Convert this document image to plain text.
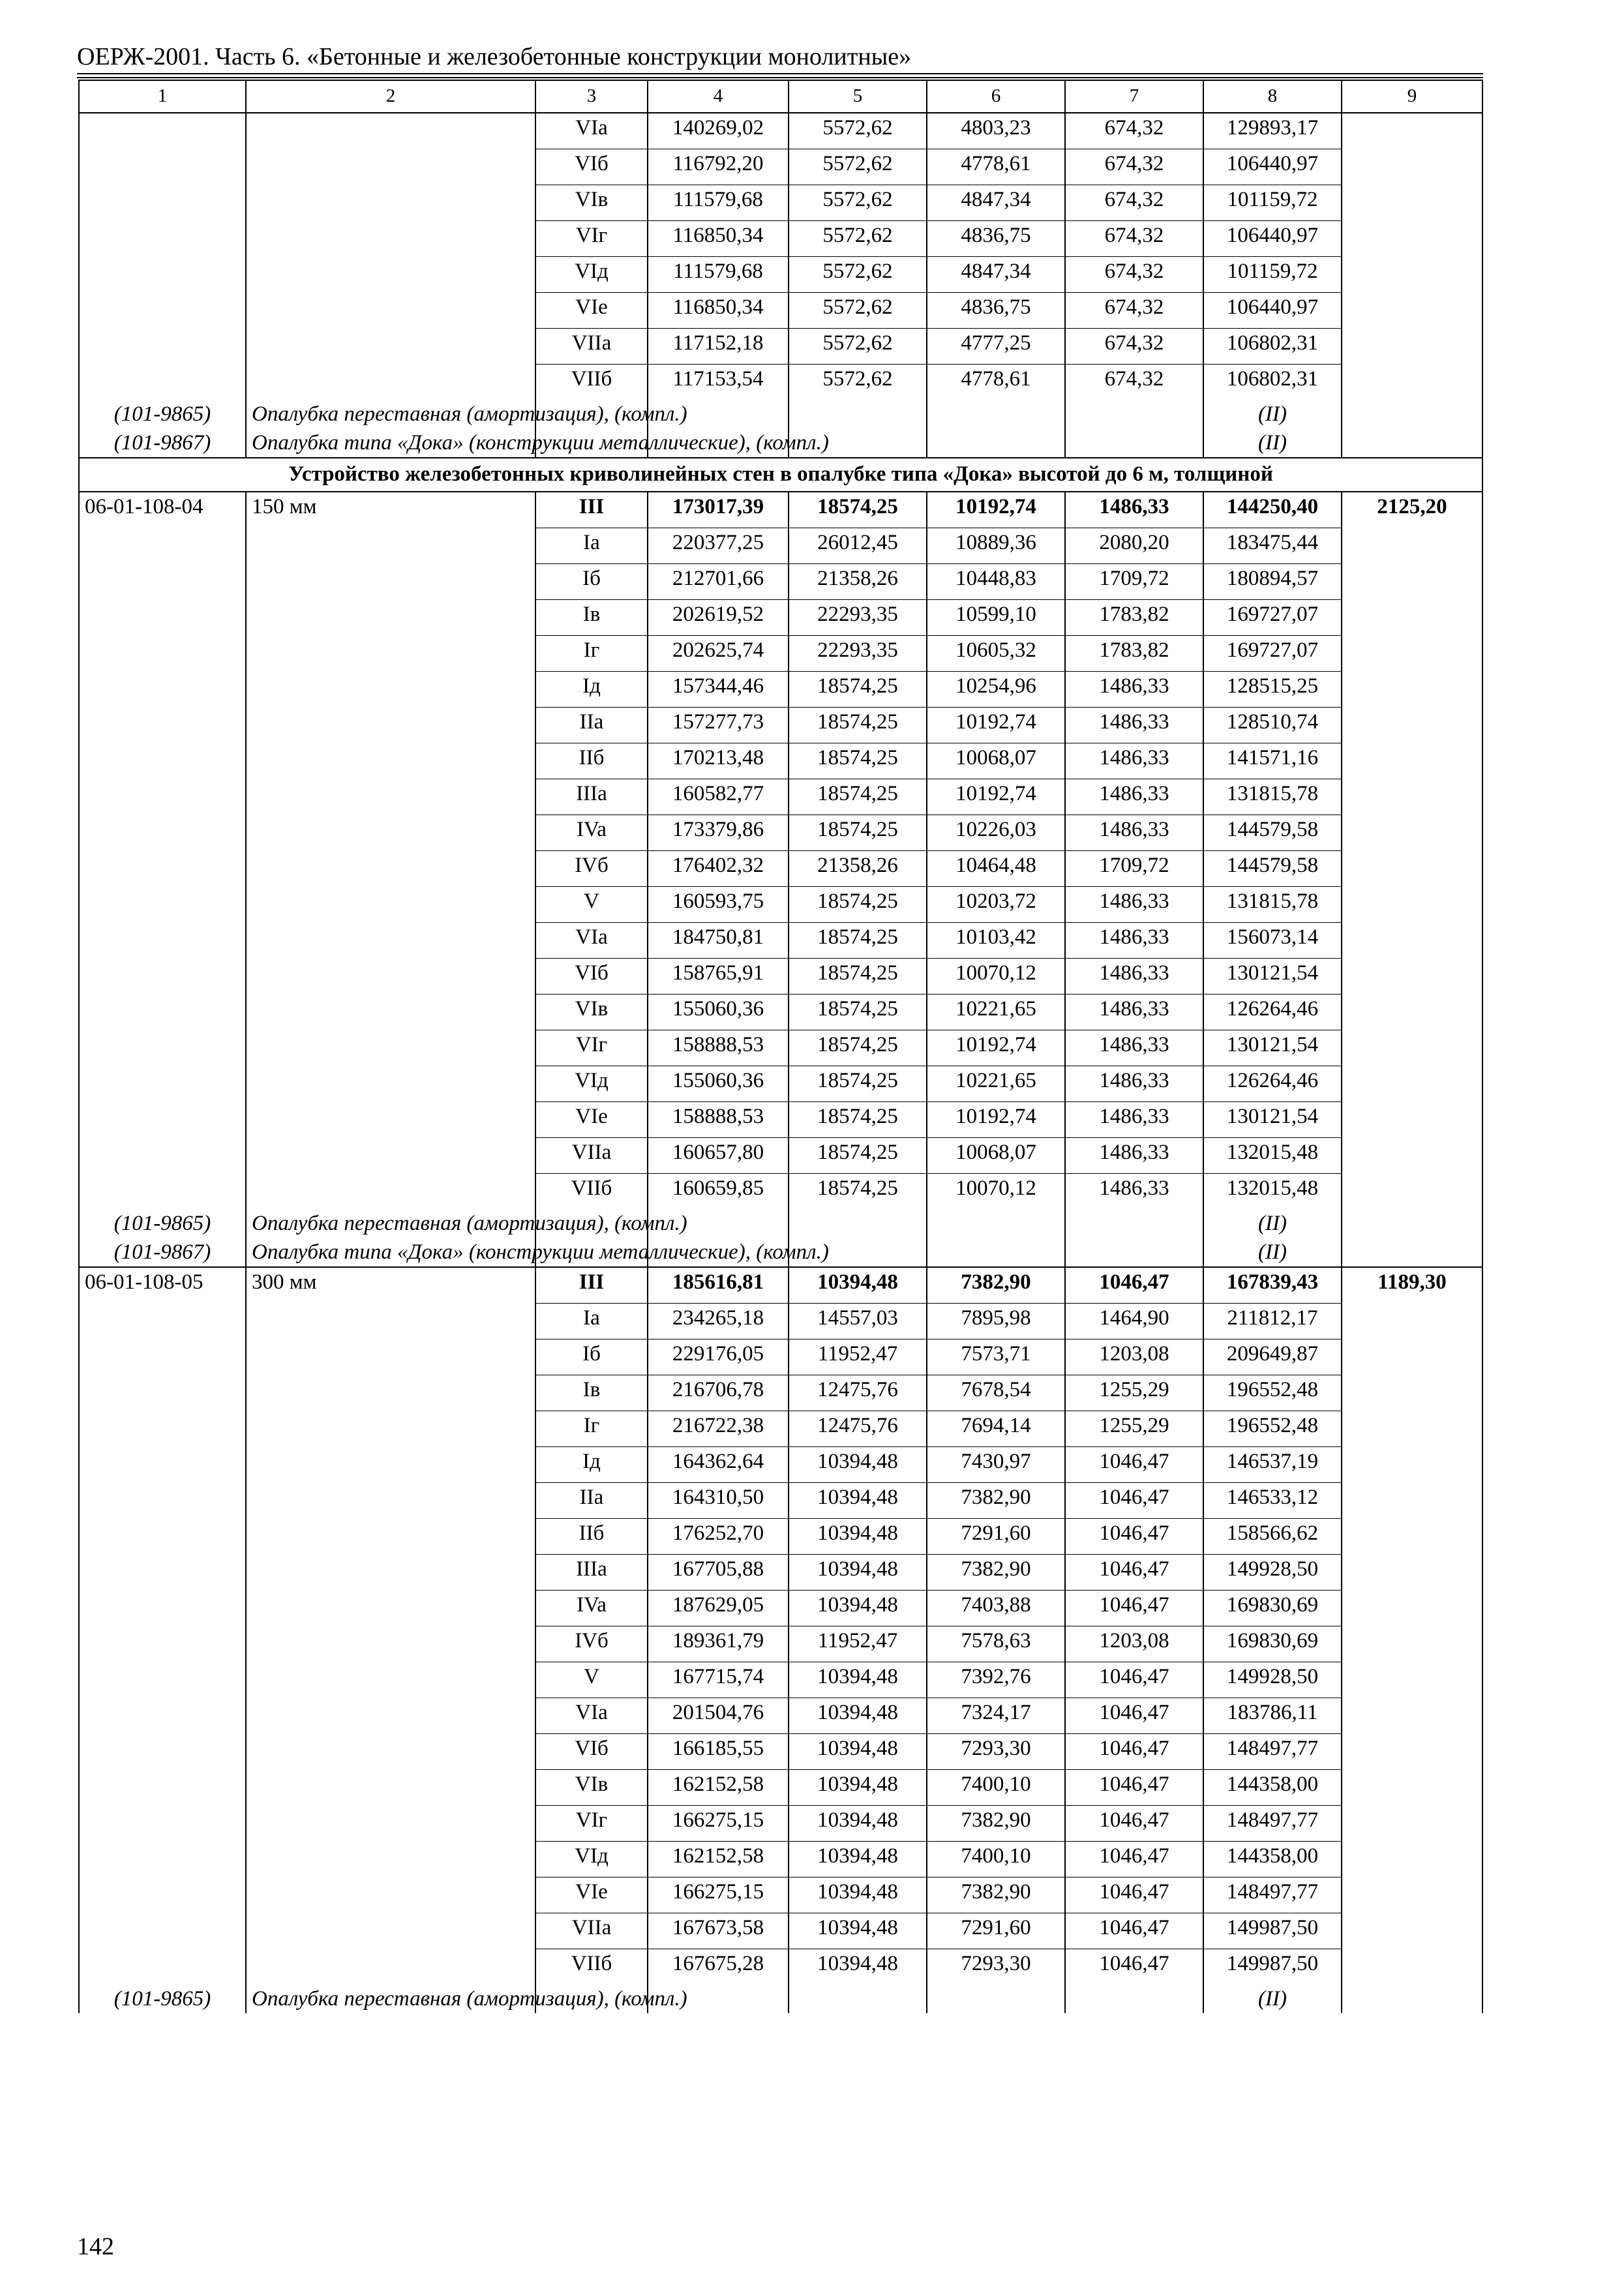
ОЕРЖ-2001. Часть 6. «Бетонные и железобетонные конструкции монолитные»
1	2	3	4	5	6	7	8	9
		VIa	140269,02	5572,62	4803,23	674,32	129893,17	
		VIб	116792,20	5572,62	4778,61	674,32	106440,97	
		VIв	111579,68	5572,62	4847,34	674,32	101159,72	
		VIг	116850,34	5572,62	4836,75	674,32	106440,97	
		VIд	111579,68	5572,62	4847,34	674,32	101159,72	
		VIe	116850,34	5572,62	4836,75	674,32	106440,97	
		VIIa	117152,18	5572,62	4777,25	674,32	106802,31	
		VIIб	117153,54	5572,62	4778,61	674,32	106802,31	
(101-9865)	Опалубка переставная (амортизация), (компл.)						(II)	
(101-9867)	Опалубка типа «Дока» (конструкции металлические), (компл.)						(II)	
Устройство железобетонных криволинейных стен в опалубке типа «Дока» высотой до 6 м, толщиной								
06-01-108-04	150 мм	III	173017,39	18574,25	10192,74	1486,33	144250,40	2125,20
		Ia	220377,25	26012,45	10889,36	2080,20	183475,44	
		Iб	212701,66	21358,26	10448,83	1709,72	180894,57	
		Iв	202619,52	22293,35	10599,10	1783,82	169727,07	
		Iг	202625,74	22293,35	10605,32	1783,82	169727,07	
		Iд	157344,46	18574,25	10254,96	1486,33	128515,25	
		IIa	157277,73	18574,25	10192,74	1486,33	128510,74	
		IIб	170213,48	18574,25	10068,07	1486,33	141571,16	
		IIIa	160582,77	18574,25	10192,74	1486,33	131815,78	
		IVa	173379,86	18574,25	10226,03	1486,33	144579,58	
		IVб	176402,32	21358,26	10464,48	1709,72	144579,58	
		V	160593,75	18574,25	10203,72	1486,33	131815,78	
		VIa	184750,81	18574,25	10103,42	1486,33	156073,14	
		VIб	158765,91	18574,25	10070,12	1486,33	130121,54	
		VIв	155060,36	18574,25	10221,65	1486,33	126264,46	
		VIг	158888,53	18574,25	10192,74	1486,33	130121,54	
		VIд	155060,36	18574,25	10221,65	1486,33	126264,46	
		VIe	158888,53	18574,25	10192,74	1486,33	130121,54	
		VIIa	160657,80	18574,25	10068,07	1486,33	132015,48	
		VIIб	160659,85	18574,25	10070,12	1486,33	132015,48	
(101-9865)	Опалубка переставная (амортизация), (компл.)						(II)	
(101-9867)	Опалубка типа «Дока» (конструкции металлические), (компл.)						(II)	
06-01-108-05	300 мм	III	185616,81	10394,48	7382,90	1046,47	167839,43	1189,30
		Ia	234265,18	14557,03	7895,98	1464,90	211812,17	
		Iб	229176,05	11952,47	7573,71	1203,08	209649,87	
		Iв	216706,78	12475,76	7678,54	1255,29	196552,48	
		Iг	216722,38	12475,76	7694,14	1255,29	196552,48	
		Iд	164362,64	10394,48	7430,97	1046,47	146537,19	
		IIa	164310,50	10394,48	7382,90	1046,47	146533,12	
		IIб	176252,70	10394,48	7291,60	1046,47	158566,62	
		IIIa	167705,88	10394,48	7382,90	1046,47	149928,50	
		IVa	187629,05	10394,48	7403,88	1046,47	169830,69	
		IVб	189361,79	11952,47	7578,63	1203,08	169830,69	
		V	167715,74	10394,48	7392,76	1046,47	149928,50	
		VIa	201504,76	10394,48	7324,17	1046,47	183786,11	
		VIб	166185,55	10394,48	7293,30	1046,47	148497,77	
		VIв	162152,58	10394,48	7400,10	1046,47	144358,00	
		VIг	166275,15	10394,48	7382,90	1046,47	148497,77	
		VIд	162152,58	10394,48	7400,10	1046,47	144358,00	
		VIe	166275,15	10394,48	7382,90	1046,47	148497,77	
		VIIa	167673,58	10394,48	7291,60	1046,47	149987,50	
		VIIб	167675,28	10394,48	7293,30	1046,47	149987,50	
(101-9865)	Опалубка переставная (амортизация), (компл.)						(II)	
142
